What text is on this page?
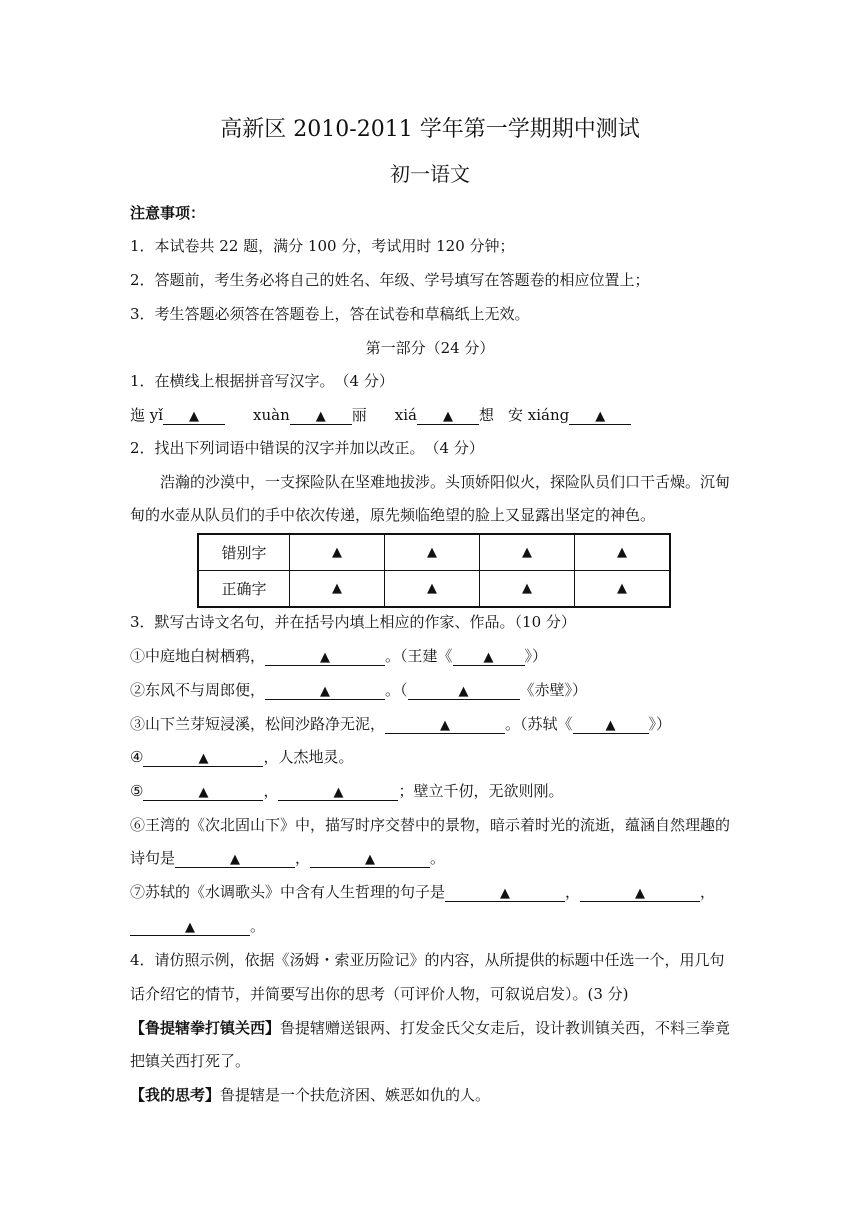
高新区 2010-2011 学年第一学期期中测试
初一语文
注意事项：
1．本试卷共 22 题，满分 100 分，考试用时 120 分钟；
2．答题前，考生务必将自己的姓名、年级、学号填写在答题卷的相应位置上；
3．考生答题必须答在答题卷上，答在试卷和草稿纸上无效。
第一部分（24 分）
1．在横线上根据拼音写汉字。　（4 分）
迤 yǐ ▲	xuàn ▲ 丽 xiá ▲ 想 安 xiáng ▲
2．找出下列词语中错误的汉字并加以改正。　（4 分）
浩瀚的沙漠中，一支探险队在坚难地拔涉。头顶娇阳似火，探险队员们口干舌燥。沉甸
甸的水壶从队员们的手中依次传递，原先频临绝望的脸上又显露出坚定的神色。
错别字	▲	▲	▲	▲
正确字	▲	▲	▲	▲
3．默写古诗文名句，并在括号内填上相应的作家、作品。（10 分）
①中庭地白树栖鸦，	▲	。（王建《 ▲ 》）
②东风不与周郎便，	▲	。（	▲	《赤壁》）
③山下兰芽短浸溪，松间沙路净无泥，	▲	。（苏轼《	▲ 》）
④	▲	，人杰地灵。
⑤	▲	，	▲	；壁立千仞，无欲则刚。
⑥王湾的《次北固山下》中，描写时序交替中的景物，暗示着时光的流逝，蕴涵自然理趣的
诗句是	▲	，	▲	。
⑦苏轼的《水调歌头》中含有人生哲理的句子是	▲	，	▲	，
▲	。
4．请仿照示例，依据《汤姆・索亚历险记》的内容，从所提供的标题中任选一个，用几句
话介绍它的情节，并简要写出你的思考（可评价人物，可叙说启发）。(3 分)
【鲁提辖拳打镇关西】鲁提辖赠送银两、打发金氏父女走后，设计教训镇关西，不料三拳竟
把镇关西打死了。
【我的思考】鲁提辖是一个扶危济困、嫉恶如仇的人。
